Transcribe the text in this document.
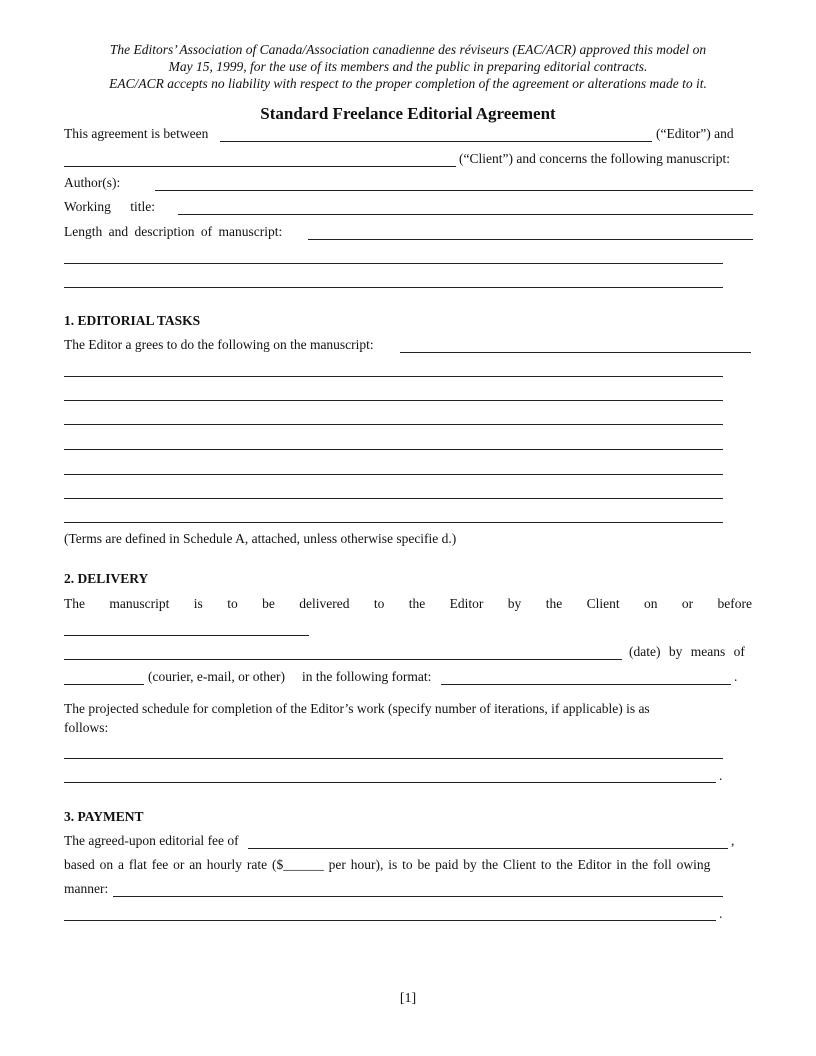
The Editors’ Association of Canada/Association canadienne des réviseurs (EAC/ACR) approved this model on
May 15, 1999, for the use of its members and the public in preparing editorial contracts.
EAC/ACR accepts no liability with respect to the proper completion of the agreement or alterations made to it.
Standard Freelance Editorial Agreement
This agreement is between	(“Editor”) and
(“Client”) and concerns the following manuscript:
Author(s):
Working title:
Length and description of manuscript:
1. EDITORIAL TASKS
The Editor a grees to do the following on the manuscript:
(Terms are defined in Schedule A, attached, unless otherwise specifie d.)
2. DELIVERY
The manuscript is to be delivered to the Editor by the Client on or before
(date) by means of
(courier, e-mail, or other) in the following format:	.
The projected schedule for completion of the Editor’s work (specify number of iterations, if applicable) is as
follows:
.
3. PAYMENT
The agreed-upon editorial fee of	,
based on a flat fee or an hourly rate ($______ per hour), is to be paid by the Client to the Editor in the foll owing
manner:
.
[1]
